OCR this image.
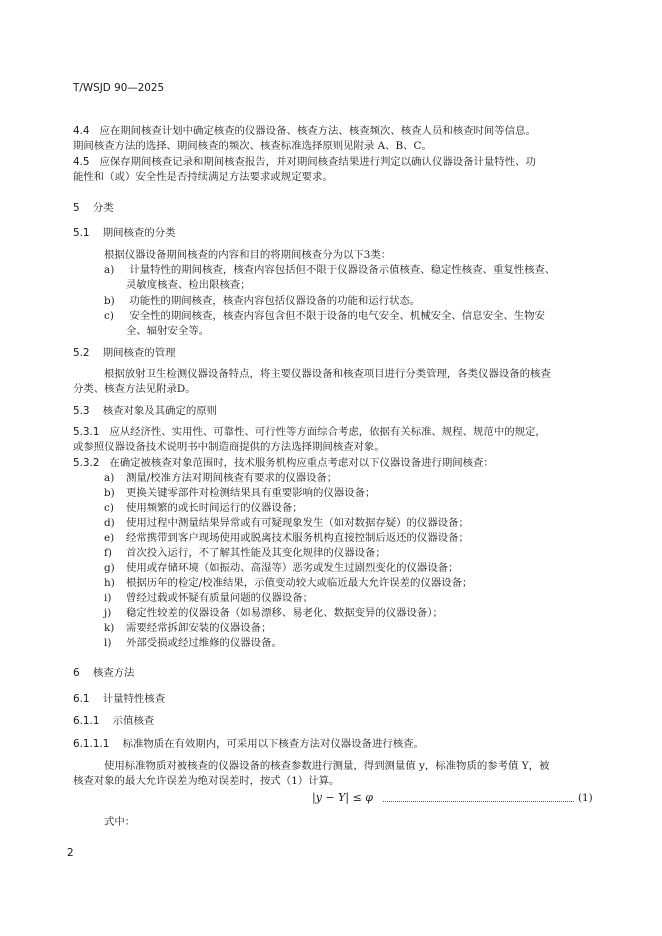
T/WSJD 90—2025
4.4 应在期间核查计划中确定核查的仪器设备、核查方法、核查频次、核查人员和核查时间等信息。
期间核查方法的选择、期间核查的频次、核查标准选择原则见附录 A、B、C。
4.5 应保存期间核查记录和期间核查报告，并对期间核查结果进行判定以确认仪器设备计量特性、功
能性和（或）安全性是否持续满足方法要求或规定要求。
5 分类
5.1 期间核查的分类
根据仪器设备期间核查的内容和目的将期间核查分为以下3类：
a) 计量特性的期间核查，核查内容包括但不限于仪器设备示值核查、稳定性核查、重复性核查、
灵敏度核查、检出限核查；
b) 功能性的期间核查，核查内容包括仪器设备的功能和运行状态。
c) 安全性的期间核查，核查内容包含但不限于设备的电气安全、机械安全、信息安全、生物安
全、辐射安全等。
5.2 期间核查的管理
根据放射卫生检测仪器设备特点，将主要仪器设备和核查项目进行分类管理，各类仪器设备的核查
分类、核查方法见附录D。
5.3 核查对象及其确定的原则
5.3.1 应从经济性、实用性、可靠性、可行性等方面综合考虑，依据有关标准、规程、规范中的规定，
或参照仪器设备技术说明书中制造商提供的方法选择期间核查对象。
5.3.2 在确定被核查对象范围时，技术服务机构应重点考虑对以下仪器设备进行期间核查：
a) 测量/校准方法对期间核查有要求的仪器设备；
b) 更换关键零部件对检测结果具有重要影响的仪器设备；
c) 使用频繁的或长时间运行的仪器设备；
d) 使用过程中测量结果异常或有可疑现象发生（如对数据存疑）的仪器设备；
e) 经常携带到客户现场使用或脱离技术服务机构直接控制后返还的仪器设备；
f) 首次投入运行，不了解其性能及其变化规律的仪器设备；
g) 使用或存储环境（如振动、高湿等）恶劣或发生过剧烈变化的仪器设备；
h) 根据历年的检定/校准结果，示值变动较大或临近最大允许误差的仪器设备；
i) 曾经过载或怀疑有质量问题的仪器设备；
j) 稳定性较差的仪器设备（如易漂移、易老化、数据变异的仪器设备）；
k) 需要经常拆卸安装的仪器设备；
l) 外部受损或经过维修的仪器设备。
6 核查方法
6.1 计量特性核查
6.1.1 示值核查
6.1.1.1 标准物质在有效期内，可采用以下核查方法对仪器设备进行核查。
使用标准物质对被核查的仪器设备的核查参数进行测量，得到测量值 y，标准物质的参考值 Y，被
核查对象的最大允许误差为绝对误差时，按式（1）计算。
|y − Y| ≤ φ	(1)
式中：
2
